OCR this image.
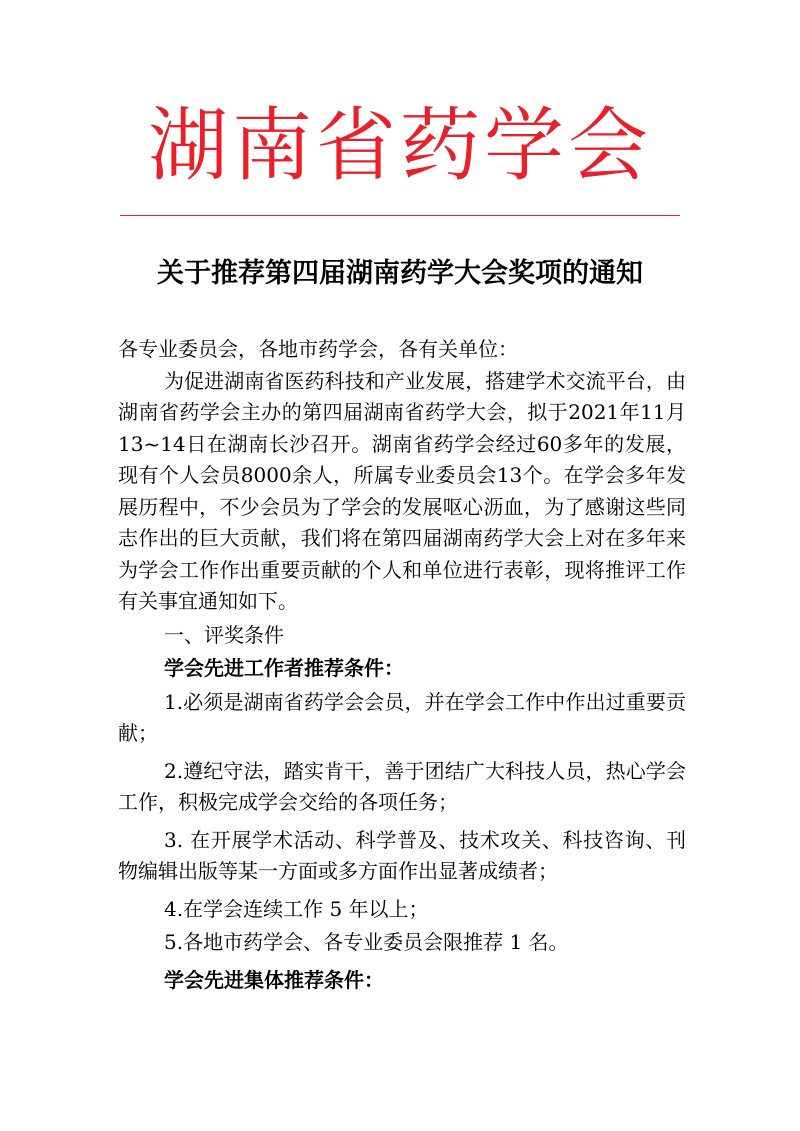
湖南省药学会
关于推荐第四届湖南药学大会奖项的通知

各专业委员会，各地市药学会，各有关单位：

为促进湖南省医药科技和产业发展，搭建学术交流平台，由湖南省药学会主办的第四届湖南省药学大会，拟于2021年11月13~14日在湖南长沙召开。湖南省药学会经过60多年的发展，现有个人会员8000余人，所属专业委员会13个。在学会多年发展历程中，不少会员为了学会的发展呕心沥血，为了感谢这些同志作出的巨大贡献，我们将在第四届湖南药学大会上对在多年来为学会工作作出重要贡献的个人和单位进行表彰，现将推评工作有关事宜通知如下。

一、评奖条件

学会先进工作者推荐条件：

1.必须是湖南省药学会会员，并在学会工作中作出过重要贡献；

2.遵纪守法，踏实肯干，善于团结广大科技人员，热心学会工作，积极完成学会交给的各项任务；

3. 在开展学术活动、科学普及、技术攻关、科技咨询、刊物编辑出版等某一方面或多方面作出显著成绩者；

4.在学会连续工作 5 年以上；

5.各地市药学会、各专业委员会限推荐 1 名。

学会先进集体推荐条件：
